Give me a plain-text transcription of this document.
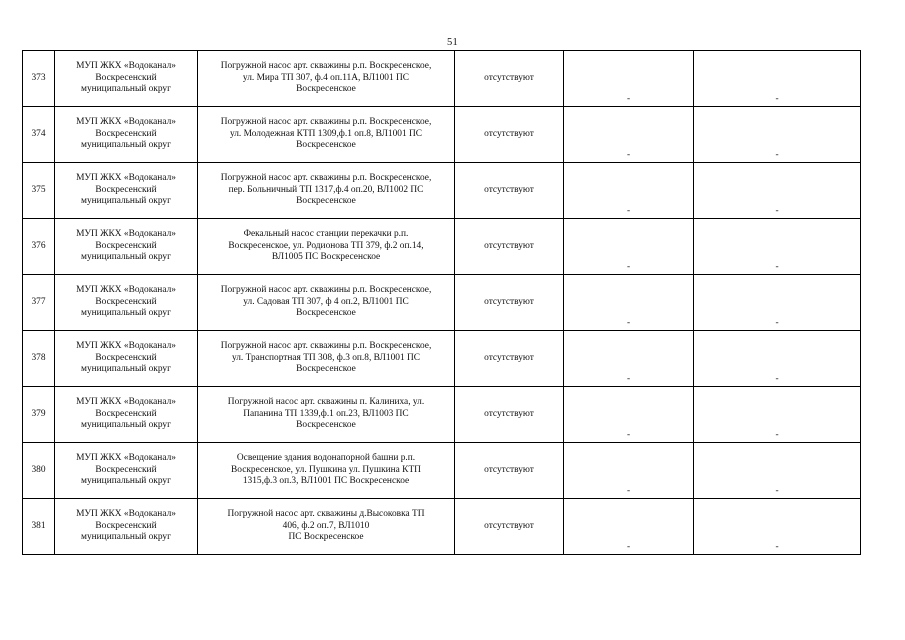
51
373	МУП ЖКХ «Водоканал»
Воскресенский
муниципальный округ	Погружной насос арт. скважины р.п. Воскресенское,
ул. Мира ТП 307, ф.4 оп.11А, ВЛ1001 ПС
Воскресенское	отсутствуют	-	-
374	МУП ЖКХ «Водоканал»
Воскресенский
муниципальный округ	Погружной насос арт. скважины р.п. Воскресенское,
ул. Молодежная КТП 1309,ф.1 оп.8, ВЛ1001 ПС
Воскресенское	отсутствуют	-	-
375	МУП ЖКХ «Водоканал»
Воскресенский
муниципальный округ	Погружной насос арт. скважины р.п. Воскресенское,
пер. Больничный ТП 1317,ф.4 оп.20, ВЛ1002 ПС
Воскресенское	отсутствуют	-	-
376	МУП ЖКХ «Водоканал»
Воскресенский
муниципальный округ	Фекальный насос станции перекачки р.п.
Воскресенское, ул. Родионова ТП 379, ф.2 оп.14,
ВЛ1005 ПС Воскресенское	отсутствуют	-	-
377	МУП ЖКХ «Водоканал»
Воскресенский
муниципальный округ	Погружной насос арт. скважины р.п. Воскресенское,
ул. Садовая ТП 307, ф 4 оп.2, ВЛ1001 ПС
Воскресенское	отсутствуют	-	-
378	МУП ЖКХ «Водоканал»
Воскресенский
муниципальный округ	Погружной насос арт. скважины р.п. Воскресенское,
ул. Транспортная ТП 308, ф.3 оп.8, ВЛ1001 ПС
Воскресенское	отсутствуют	-	-
379	МУП ЖКХ «Водоканал»
Воскресенский
муниципальный округ	Погружной насос арт. скважины п. Калиниха, ул.
Папанина ТП 1339,ф.1 оп.23, ВЛ1003 ПС
Воскресенское	отсутствуют	-	-
380	МУП ЖКХ «Водоканал»
Воскресенский
муниципальный округ	Освещение здания водонапорной башни р.п.
Воскресенское, ул. Пушкина ул. Пушкина КТП
1315,ф.3 оп.3, ВЛ1001 ПС Воскресенское	отсутствуют	-	-
381	МУП ЖКХ «Водоканал»
Воскресенский
муниципальный округ	Погружной насос арт. скважины д.Высоковка ТП
406, ф.2 оп.7, ВЛ1010
ПС Воскресенское	отсутствуют	-	-
